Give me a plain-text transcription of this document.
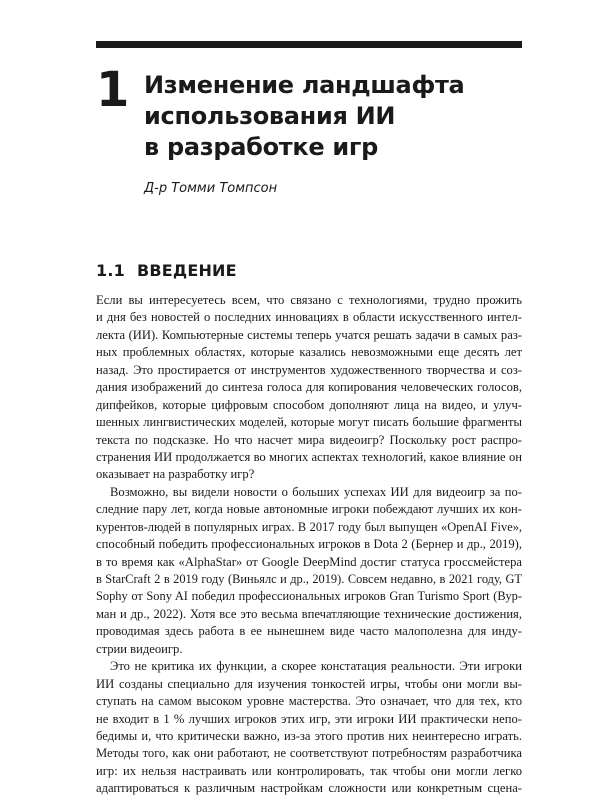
1 Изменение ландшафта
использования ИИ
в разработке игр
Д-р Томми Томпсон
1.1 ВВЕДЕНИЕ
Если вы интересуетесь всем, что связано с технологиями, трудно прожить
и дня без новостей о последних инновациях в области искусственного интел-
лекта (ИИ). Компьютерные системы теперь учатся решать задачи в самых раз-
ных проблемных областях, которые казались невозможными еще десять лет
назад. Это простирается от инструментов художественного творчества и соз-
дания изображений до синтеза голоса для копирования человеческих голосов,
дипфейков, которые цифровым способом дополняют лица на видео, и улуч-
шенных лингвистических моделей, которые могут писать большие фрагменты
текста по подсказке. Но что насчет мира видеоигр? Поскольку рост распро-
странения ИИ продолжается во многих аспектах технологий, какое влияние он
оказывает на разработку игр?
Возможно, вы видели новости о больших успехах ИИ для видеоигр за по-
следние пару лет, когда новые автономные игроки побеждают лучших их кон-
курентов-людей в популярных играх. В 2017 году был выпущен «OpenAI Five»,
способный победить профессиональных игроков в Dota 2 (Бернер и др., 2019),
в то время как «AlphaStar» от Google DeepMind достиг статуса гроссмейстера
в StarCraft 2 в 2019 году (Виньялс и др., 2019). Совсем недавно, в 2021 году, GT
Sophy от Sony AI победил профессиональных игроков Gran Turismo Sport (Вур-
ман и др., 2022). Хотя все это весьма впечатляющие технические достижения,
проводимая здесь работа в ее нынешнем виде часто малополезна для инду-
стрии видеоигр.
Это не критика их функции, а скорее констатация реальности. Эти игроки
ИИ созданы специально для изучения тонкостей игры, чтобы они могли вы-
ступать на самом высоком уровне мастерства. Это означает, что для тех, кто
не входит в 1 % лучших игроков этих игр, эти игроки ИИ практически непо-
бедимы и, что критически важно, из-за этого против них неинтересно играть.
Методы того, как они работают, не соответствуют потребностям разработчика
игр: их нельзя настраивать или контролировать, так чтобы они могли легко
адаптироваться к различным настройкам сложности или конкретным сцена-
